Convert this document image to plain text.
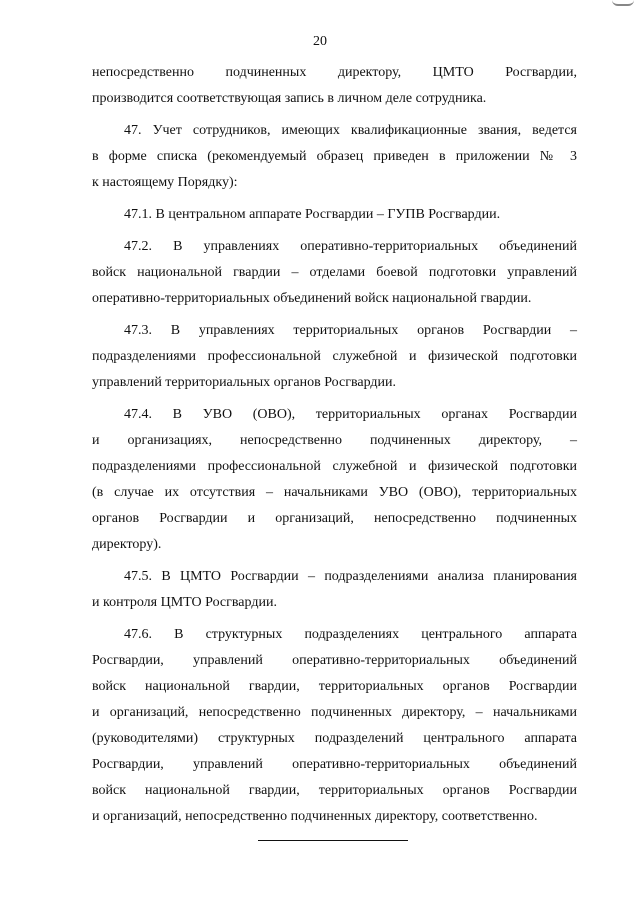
20
непосредственно подчиненных директору, ЦМТО Росгвардии,
производится соответствующая запись в личном деле сотрудника.
47. Учет сотрудников, имеющих квалификационные звания, ведется
в форме списка (рекомендуемый образец приведен в приложении № 3
к настоящему Порядку):
47.1. В центральном аппарате Росгвардии – ГУПВ Росгвардии.
47.2. В управлениях оперативно-территориальных объединений
войск национальной гвардии – отделами боевой подготовки управлений
оперативно-территориальных объединений войск национальной гвардии.
47.3. В управлениях территориальных органов Росгвардии –
подразделениями профессиональной служебной и физической подготовки
управлений территориальных органов Росгвардии.
47.4. В УВО (ОВО), территориальных органах Росгвардии
и организациях, непосредственно подчиненных директору, –
подразделениями профессиональной служебной и физической подготовки
(в случае их отсутствия – начальниками УВО (ОВО), территориальных
органов Росгвардии и организаций, непосредственно подчиненных
директору).
47.5. В ЦМТО Росгвардии – подразделениями анализа планирования
и контроля ЦМТО Росгвардии.
47.6. В структурных подразделениях центрального аппарата
Росгвардии, управлений оперативно-территориальных объединений
войск национальной гвардии, территориальных органов Росгвардии
и организаций, непосредственно подчиненных директору, – начальниками
(руководителями) структурных подразделений центрального аппарата
Росгвардии, управлений оперативно-территориальных объединений
войск национальной гвардии, территориальных органов Росгвардии
и организаций, непосредственно подчиненных директору, соответственно.
